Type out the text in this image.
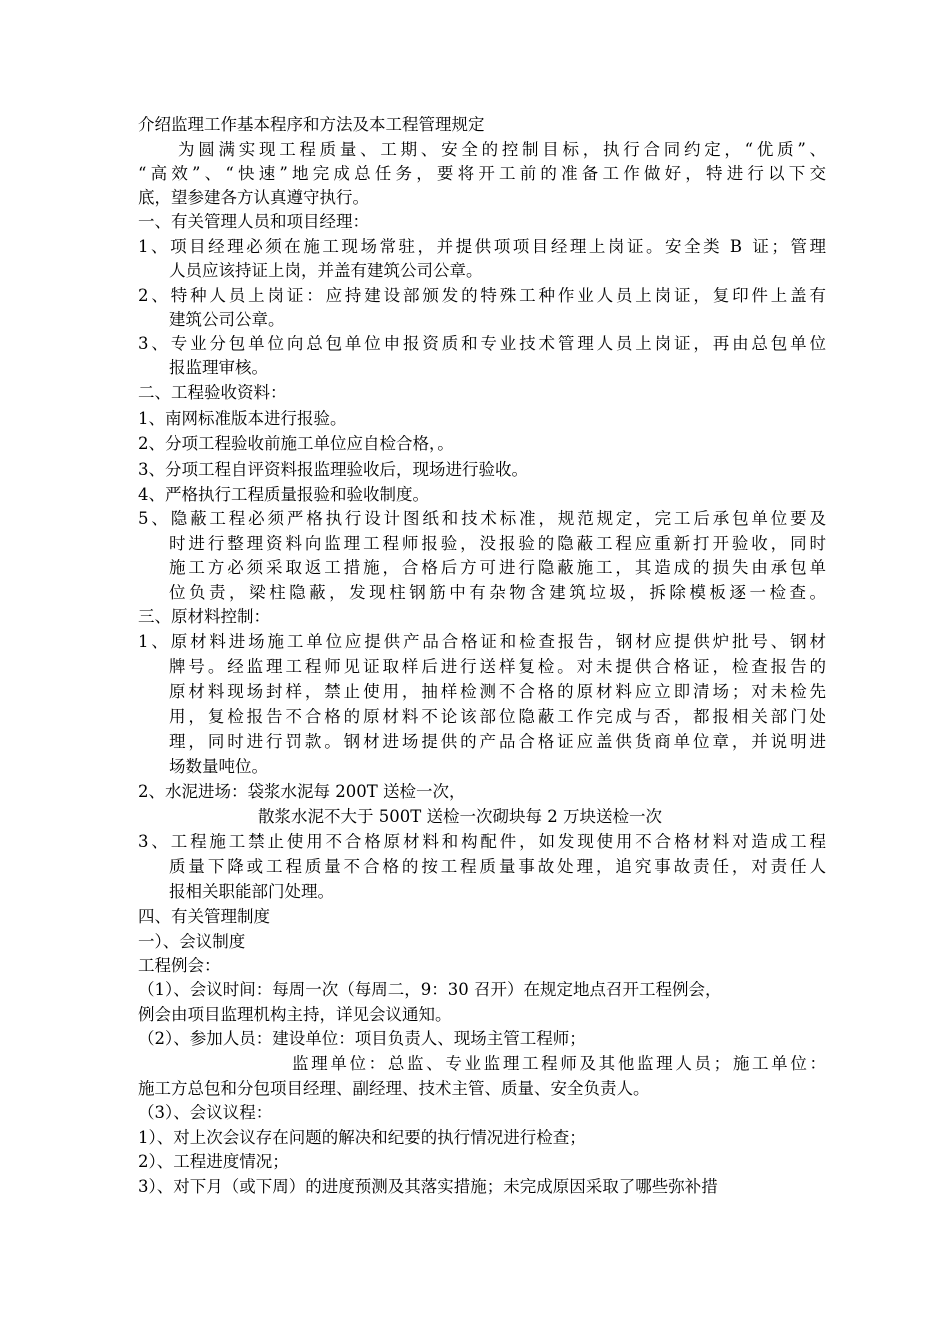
介绍监理工作基本程序和方法及本工程管理规定
为圆满实现工程质量、工期、安全的控制目标，执行合同约定，“优质”、
“高效”、“快速”地完成总任务，要将开工前的准备工作做好，特进行以下交
底，望参建各方认真遵守执行。
一、有关管理人员和项目经理：
1、项目经理必须在施工现场常驻，并提供项项目经理上岗证。安全类 B 证；管理
人员应该持证上岗，并盖有建筑公司公章。
2、特种人员上岗证：应持建设部颁发的特殊工种作业人员上岗证，复印件上盖有
建筑公司公章。
3、专业分包单位向总包单位申报资质和专业技术管理人员上岗证，再由总包单位
报监理审核。
二、工程验收资料：
1、南网标准版本进行报验。
2、分项工程验收前施工单位应自检合格，。
3、分项工程自评资料报监理验收后，现场进行验收。
4、严格执行工程质量报验和验收制度。
5、隐蔽工程必须严格执行设计图纸和技术标准，规范规定，完工后承包单位要及
时进行整理资料向监理工程师报验，没报验的隐蔽工程应重新打开验收，同时
施工方必须采取返工措施，合格后方可进行隐蔽施工，其造成的损失由承包单
位负责，梁柱隐蔽，发现柱钢筋中有杂物含建筑垃圾，拆除模板逐一检查。
三、原材料控制：
1、原材料进场施工单位应提供产品合格证和检查报告，钢材应提供炉批号、钢材
牌号。经监理工程师见证取样后进行送样复检。对未提供合格证，检查报告的
原材料现场封样，禁止使用，抽样检测不合格的原材料应立即清场；对未检先
用，复检报告不合格的原材料不论该部位隐蔽工作完成与否，都报相关部门处
理，同时进行罚款。钢材进场提供的产品合格证应盖供货商单位章，并说明进
场数量吨位。
2、水泥进场：袋浆水泥每 200T 送检一次，
散浆水泥不大于 500T 送检一次砌块每 2 万块送检一次
3、工程施工禁止使用不合格原材料和构配件，如发现使用不合格材料对造成工程
质量下降或工程质量不合格的按工程质量事故处理，追究事故责任，对责任人
报相关职能部门处理。
四、有关管理制度
一）、会议制度
工程例会：
（1）、会议时间：每周一次（每周二，9：30 召开）在规定地点召开工程例会，
例会由项目监理机构主持，详见会议通知。
（2）、参加人员：建设单位：项目负责人、现场主管工程师；
监理单位：总监、专业监理工程师及其他监理人员；施工单位：
施工方总包和分包项目经理、副经理、技术主管、质量、安全负责人。
（3）、会议议程：
1）、对上次会议存在问题的解决和纪要的执行情况进行检查；
2）、工程进度情况；
3）、对下月（或下周）的进度预测及其落实措施；未完成原因采取了哪些弥补措
